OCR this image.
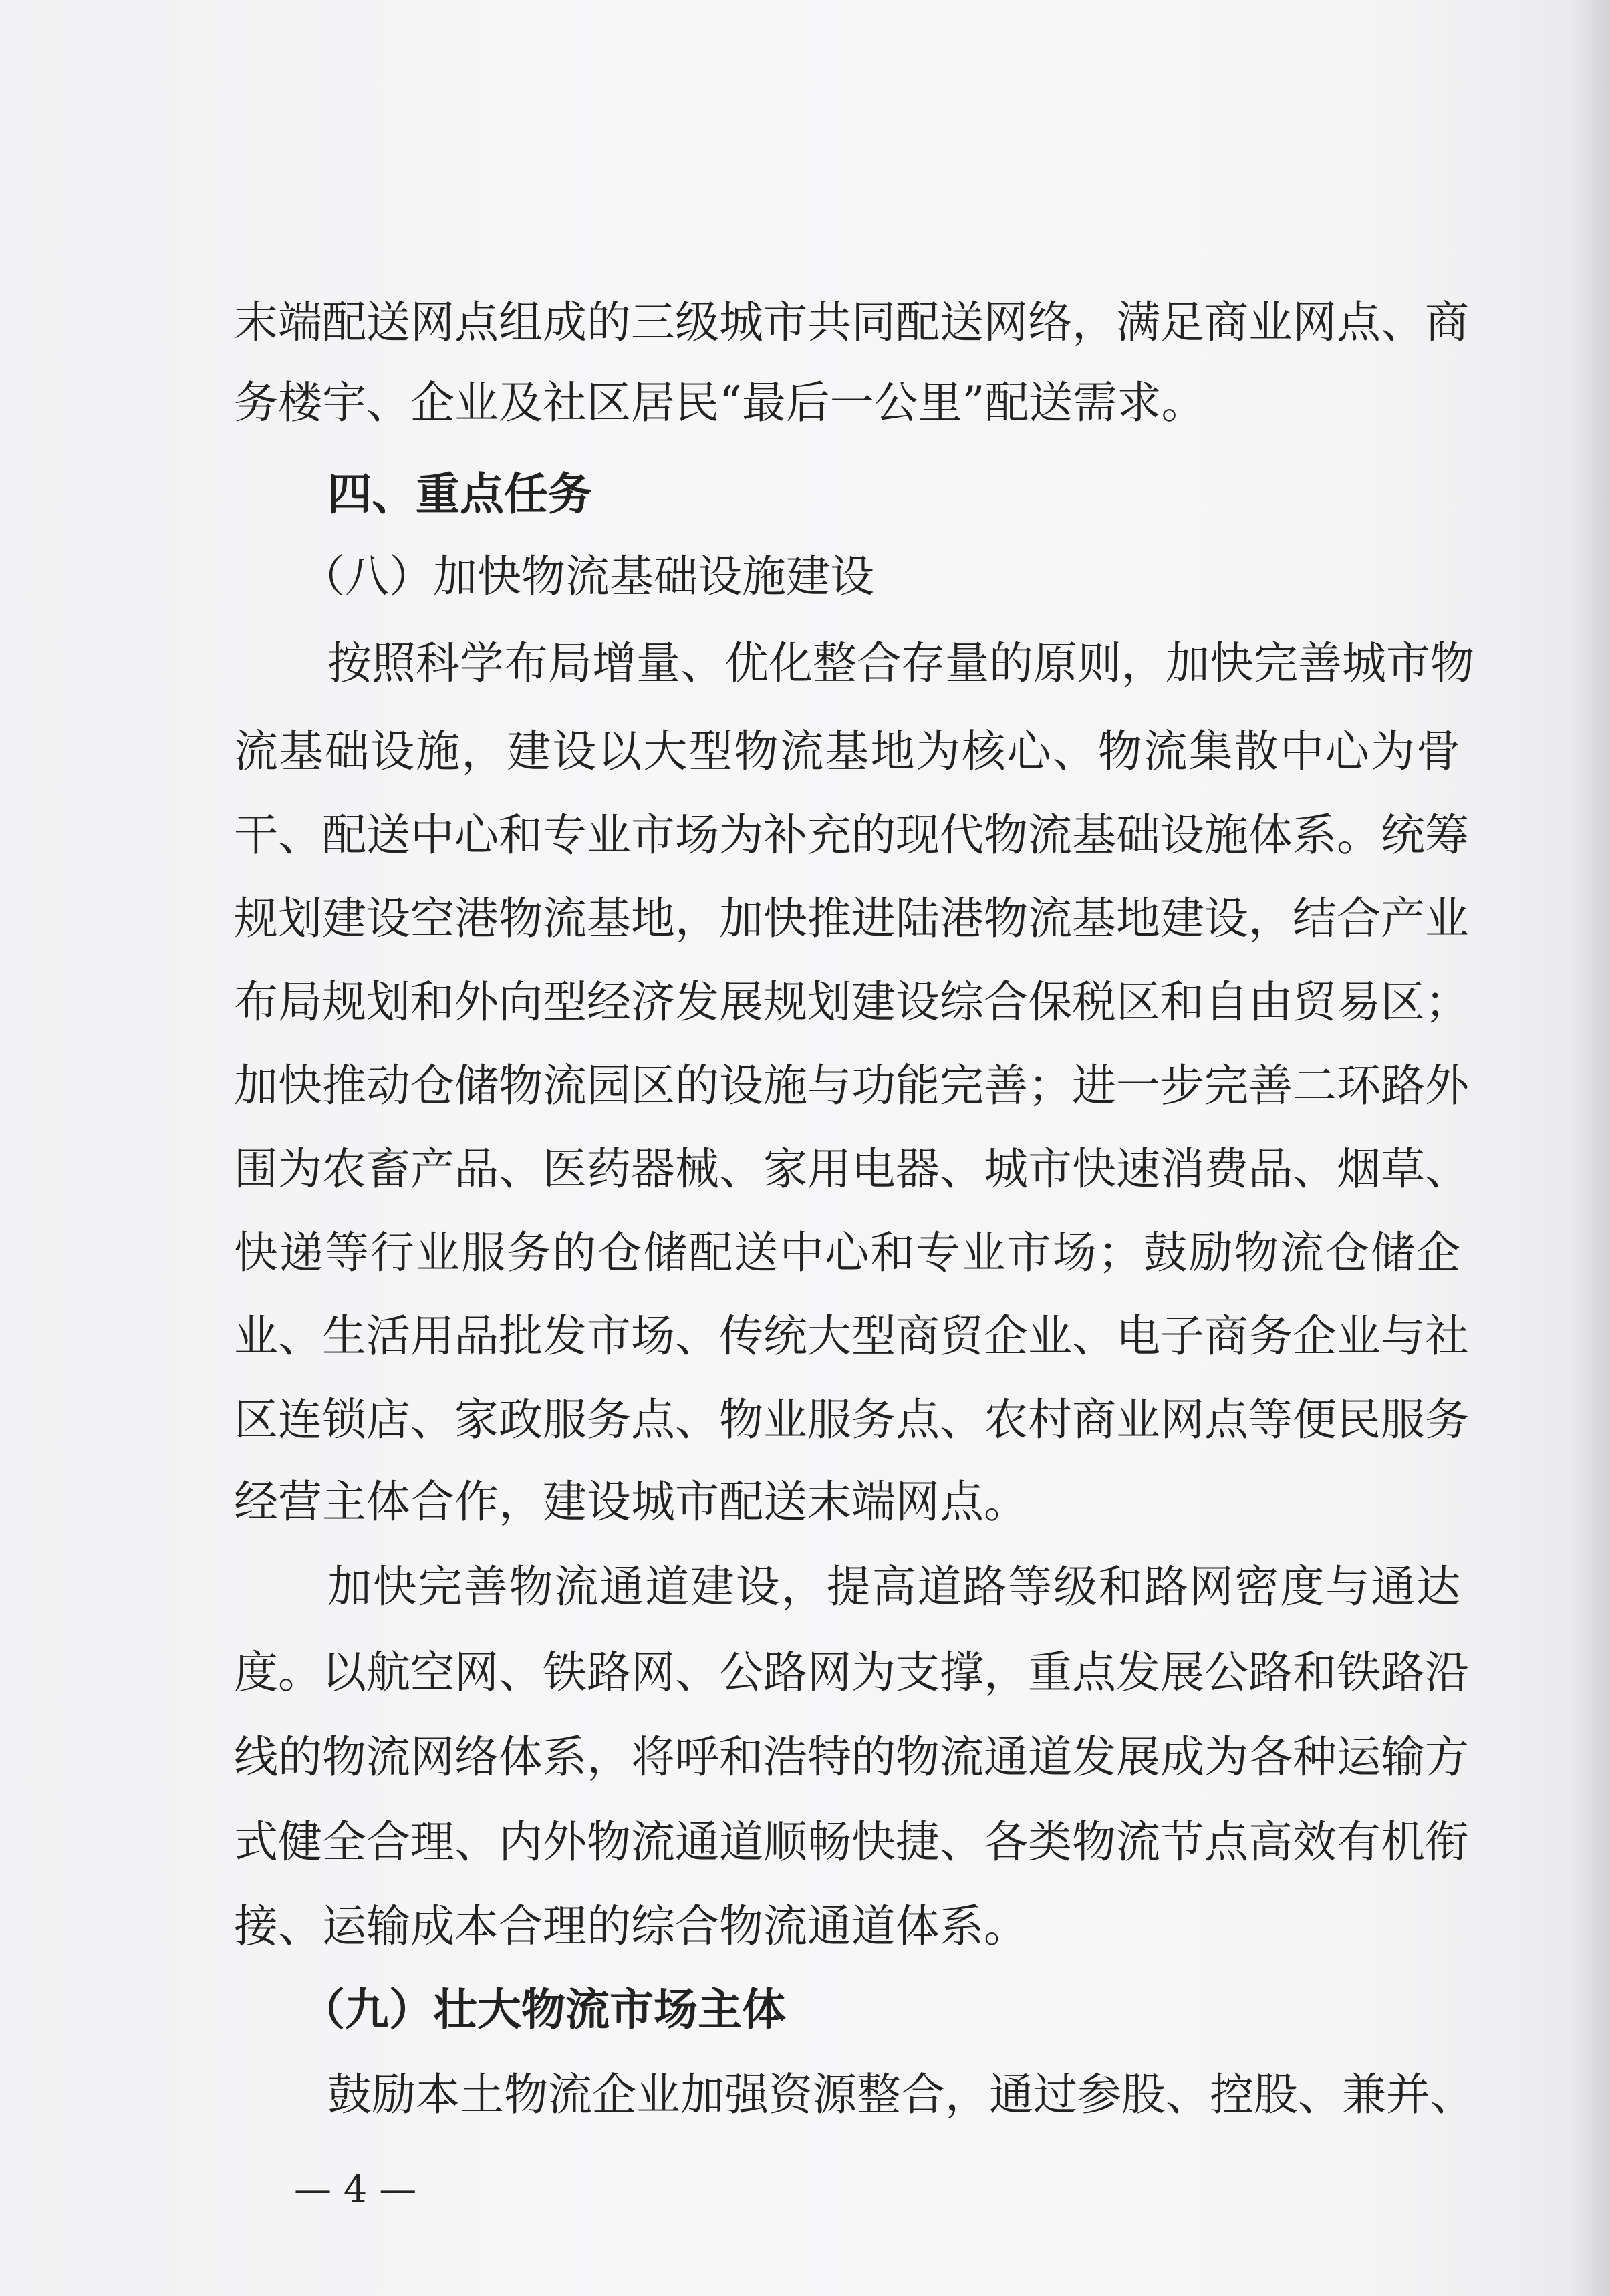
末端配送网点组成的三级城市共同配送网络，满足商业网点、商
务楼宇、企业及社区居民“最后一公里”配送需求。
四、重点任务
（八）加快物流基础设施建设
按照科学布局增量、优化整合存量的原则，加快完善城市物
流基础设施，建设以大型物流基地为核心、物流集散中心为骨
干、配送中心和专业市场为补充的现代物流基础设施体系。统筹
规划建设空港物流基地，加快推进陆港物流基地建设，结合产业
布局规划和外向型经济发展规划建设综合保税区和自由贸易区；
加快推动仓储物流园区的设施与功能完善；进一步完善二环路外
围为农畜产品、医药器械、家用电器、城市快速消费品、烟草、
快递等行业服务的仓储配送中心和专业市场；鼓励物流仓储企
业、生活用品批发市场、传统大型商贸企业、电子商务企业与社
区连锁店、家政服务点、物业服务点、农村商业网点等便民服务
经营主体合作，建设城市配送末端网点。
加快完善物流通道建设，提高道路等级和路网密度与通达
度。以航空网、铁路网、公路网为支撑，重点发展公路和铁路沿
线的物流网络体系，将呼和浩特的物流通道发展成为各种运输方
式健全合理、内外物流通道顺畅快捷、各类物流节点高效有机衔
接、运输成本合理的综合物流通道体系。
（九）壮大物流市场主体
鼓励本土物流企业加强资源整合，通过参股、控股、兼并、
— 4 —
